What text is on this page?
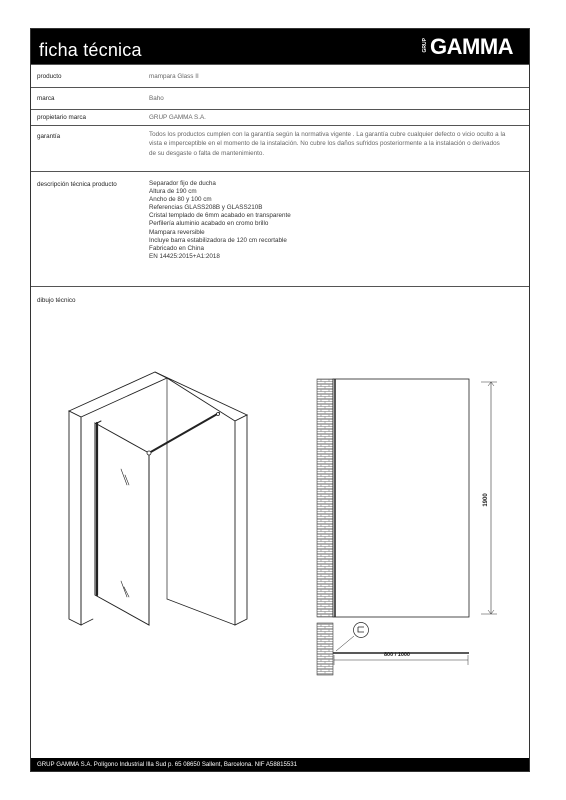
ficha técnica	GRUP GAMMA
producto	mampara Glass II
marca	Baho
propietario marca	GRUP GAMMA S.A.
garantía	Todos los productos cumplen con la garantía según la normativa vigente . La garantía cubre cualquier defecto o vicio oculto a la
vista e imperceptible en el momento de la instalación. No cubre los daños sufridos posteriormente a la instalación o derivados
de su desgaste o falta de mantenimiento.
descripción técnica producto	Separador fijo de ducha
Altura de 190 cm
Ancho de 80 y 100 cm
Referencias GLASS208B y GLASS210B
Cristal templado de 6mm acabado en transparente
Perfilería aluminio acabado en cromo brillo
Mampara reversible
Incluye barra estabilizadora de 120 cm recortable
Fabricado en China
EN 14425:2015+A1:2018
dibujo técnico
1900
800 / 1000
GRUP GAMMA S.A. Polígono Industrial Illa Sud p. 65 08650 Sallent, Barcelona. NIF A58815531
